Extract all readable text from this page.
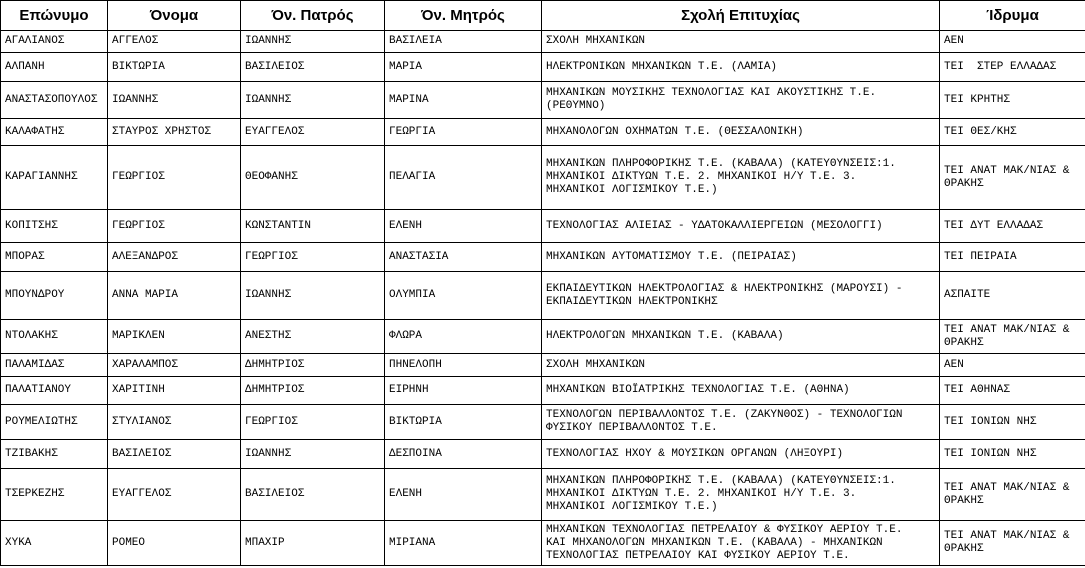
Επώνυμο	Όνομα	Όν. Πατρός	Όν. Μητρός	Σχολή Επιτυχίας	Ίδρυμα
ΑΓΑΛΙΑΝΟΣ	ΑΓΓΕΛΟΣ	ΙΩΑΝΝΗΣ	ΒΑΣΙΛΕΙΑ	ΣΧΟΛΗ ΜΗΧΑΝΙΚΩΝ	ΑΕΝ
ΑΛΠΑΝΗ	ΒΙΚΤΩΡΙΑ	ΒΑΣΙΛΕΙΟΣ	ΜΑΡΙΑ	ΗΛΕΚΤΡΟΝΙΚΩΝ ΜΗΧΑΝΙΚΩΝ Τ.Ε. (ΛΑΜΙΑ)	ΤΕΙ  ΣΤΕΡ ΕΛΛΑΔΑΣ
ΑΝΑΣΤΑΣΟΠΟΥΛΟΣ	ΙΩΑΝΝΗΣ	ΙΩΑΝΝΗΣ	ΜΑΡΙΝΑ	ΜΗΧΑΝΙΚΩΝ ΜΟΥΣΙΚΗΣ ΤΕΧΝΟΛΟΓΙΑΣ ΚΑΙ ΑΚΟΥΣΤΙΚΗΣ Τ.Ε. (ΡΕΘΥΜΝΟ)	ΤΕΙ ΚΡΗΤΗΣ
ΚΑΛΑΦΑΤΗΣ	ΣΤΑΥΡΟΣ ΧΡΗΣΤΟΣ	ΕΥΑΓΓΕΛΟΣ	ΓΕΩΡΓΙΑ	ΜΗΧΑΝΟΛΟΓΩΝ ΟΧΗΜΑΤΩΝ Τ.Ε. (ΘΕΣΣΑΛΟΝΙΚΗ)	ΤΕΙ ΘΕΣ/ΚΗΣ
ΚΑΡΑΓΙΑΝΝΗΣ	ΓΕΩΡΓΙΟΣ	ΘΕΟΦΑΝΗΣ	ΠΕΛΑΓΙΑ	ΜΗΧΑΝΙΚΩΝ ΠΛΗΡΟΦΟΡΙΚΗΣ Τ.Ε. (ΚΑΒΑΛΑ) (ΚΑΤΕΥΘΥΝΣΕΙΣ:1. ΜΗΧΑΝΙΚΟΙ ΔΙΚΤΥΩΝ Τ.Ε. 2. ΜΗΧΑΝΙΚΟΙ Η/Υ Τ.Ε. 3. ΜΗΧΑΝΙΚΟΙ ΛΟΓΙΣΜΙΚΟΥ Τ.Ε.)	ΤΕΙ ΑΝΑΤ ΜΑΚ/ΝΙΑΣ & ΘΡΑΚΗΣ
ΚΟΠΙΤΣΗΣ	ΓΕΩΡΓΙΟΣ	ΚΩΝΣΤΑΝΤΙΝ	ΕΛΕΝΗ	ΤΕΧΝΟΛΟΓΙΑΣ ΑΛΙΕΙΑΣ - ΥΔΑΤΟΚΑΛΛΙΕΡΓΕΙΩΝ (ΜΕΣΟΛΟΓΓΙ)	ΤΕΙ ΔΥΤ ΕΛΛΑΔΑΣ
ΜΠΟΡΑΣ	ΑΛΕΞΑΝΔΡΟΣ	ΓΕΩΡΓΙΟΣ	ΑΝΑΣΤΑΣΙΑ	ΜΗΧΑΝΙΚΩΝ ΑΥΤΟΜΑΤΙΣΜΟΥ Τ.Ε. (ΠΕΙΡΑΙΑΣ)	ΤΕΙ ΠΕΙΡΑΙΑ
ΜΠΟΥΝΔΡΟΥ	ΑΝΝΑ ΜΑΡΙΑ	ΙΩΑΝΝΗΣ	ΟΛΥΜΠΙΑ	ΕΚΠΑΙΔΕΥΤΙΚΩΝ ΗΛΕΚΤΡΟΛΟΓΙΑΣ & ΗΛΕΚΤΡΟΝΙΚΗΣ (ΜΑΡΟΥΣΙ) - ΕΚΠΑΙΔΕΥΤΙΚΩΝ ΗΛΕΚΤΡΟΝΙΚΗΣ	ΑΣΠΑΙΤΕ
ΝΤΟΛΑΚΗΣ	ΜΑΡΙΚΛΕΝ	ΑΝΕΣΤΗΣ	ΦΛΩΡΑ	ΗΛΕΚΤΡΟΛΟΓΩΝ ΜΗΧΑΝΙΚΩΝ Τ.Ε. (ΚΑΒΑΛΑ)	ΤΕΙ ΑΝΑΤ ΜΑΚ/ΝΙΑΣ & ΘΡΑΚΗΣ
ΠΑΛΑΜΙΔΑΣ	ΧΑΡΑΛΑΜΠΟΣ	ΔΗΜΗΤΡΙΟΣ	ΠΗΝΕΛΟΠΗ	ΣΧΟΛΗ ΜΗΧΑΝΙΚΩΝ	ΑΕΝ
ΠΑΛΑΤΙΑΝΟΥ	ΧΑΡΙΤΙΝΗ	ΔΗΜΗΤΡΙΟΣ	ΕΙΡΗΝΗ	ΜΗΧΑΝΙΚΩΝ ΒΙΟΪΑΤΡΙΚΗΣ ΤΕΧΝΟΛΟΓΙΑΣ Τ.Ε. (ΑΘΗΝΑ)	ΤΕΙ ΑΘΗΝΑΣ
ΡΟΥΜΕΛΙΩΤΗΣ	ΣΤΥΛΙΑΝΟΣ	ΓΕΩΡΓΙΟΣ	ΒΙΚΤΩΡΙΑ	ΤΕΧΝΟΛΟΓΩΝ ΠΕΡΙΒΑΛΛΟΝΤΟΣ Τ.Ε. (ΖΑΚΥΝΘΟΣ) - ΤΕΧΝΟΛΟΓΙΩΝ ΦΥΣΙΚΟΥ ΠΕΡΙΒΑΛΛΟΝΤΟΣ Τ.Ε.	ΤΕΙ ΙΟΝΙΩΝ ΝΗΣ
ΤΖΙΒΑΚΗΣ	ΒΑΣΙΛΕΙΟΣ	ΙΩΑΝΝΗΣ	ΔΕΣΠΟΙΝΑ	ΤΕΧΝΟΛΟΓΙΑΣ ΗΧΟΥ & ΜΟΥΣΙΚΩΝ ΟΡΓΑΝΩΝ (ΛΗΞΟΥΡΙ)	ΤΕΙ ΙΟΝΙΩΝ ΝΗΣ
ΤΣΕΡΚΕΖΗΣ	ΕΥΑΓΓΕΛΟΣ	ΒΑΣΙΛΕΙΟΣ	ΕΛΕΝΗ	ΜΗΧΑΝΙΚΩΝ ΠΛΗΡΟΦΟΡΙΚΗΣ Τ.Ε. (ΚΑΒΑΛΑ) (ΚΑΤΕΥΘΥΝΣΕΙΣ:1. ΜΗΧΑΝΙΚΟΙ ΔΙΚΤΥΩΝ Τ.Ε. 2. ΜΗΧΑΝΙΚΟΙ Η/Υ Τ.Ε. 3. ΜΗΧΑΝΙΚΟΙ ΛΟΓΙΣΜΙΚΟΥ Τ.Ε.)	ΤΕΙ ΑΝΑΤ ΜΑΚ/ΝΙΑΣ & ΘΡΑΚΗΣ
ΧΥΚΑ	ΡΟΜΕΟ	ΜΠΑΧΙΡ	ΜΙΡΙΑΝΑ	ΜΗΧΑΝΙΚΩΝ ΤΕΧΝΟΛΟΓΙΑΣ ΠΕΤΡΕΛΑΙΟΥ & ΦΥΣΙΚΟΥ ΑΕΡΙΟΥ Τ.Ε. ΚΑΙ ΜΗΧΑΝΟΛΟΓΩΝ ΜΗΧΑΝΙΚΩΝ Τ.Ε. (ΚΑΒΑΛΑ) - ΜΗΧΑΝΙΚΩΝ ΤΕΧΝΟΛΟΓΙΑΣ ΠΕΤΡΕΛΑΙΟΥ ΚΑΙ ΦΥΣΙΚΟΥ ΑΕΡΙΟΥ Τ.Ε.	ΤΕΙ ΑΝΑΤ ΜΑΚ/ΝΙΑΣ & ΘΡΑΚΗΣ
